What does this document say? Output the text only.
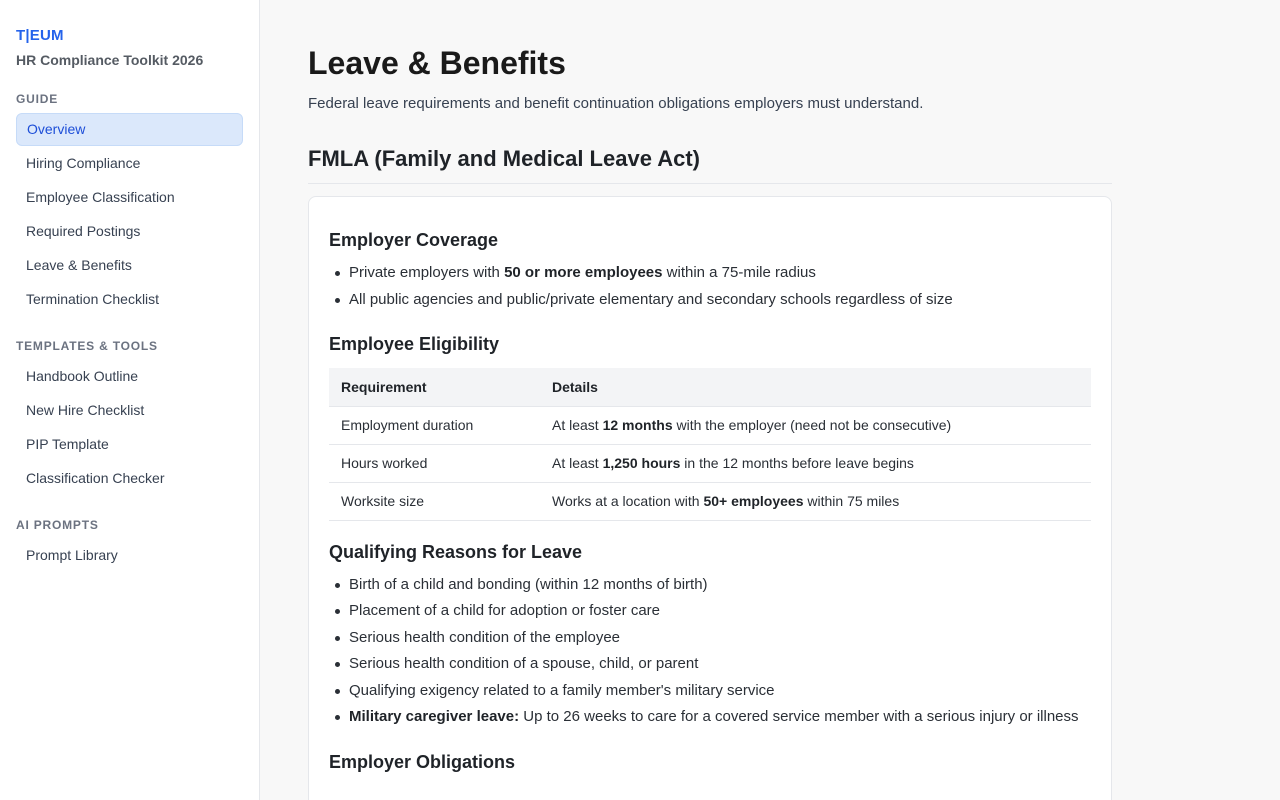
T|EUM
HR Compliance Toolkit 2026
GUIDE
Overview
Hiring Compliance
Employee Classification
Required Postings
Leave & Benefits
Termination Checklist
TEMPLATES & TOOLS
Handbook Outline
New Hire Checklist
PIP Template
Classification Checker
AI PROMPTS
Prompt Library
Leave & Benefits

Federal leave requirements and benefit continuation obligations employers must understand.

FMLA (Family and Medical Leave Act)
Employer Coverage
Private employers with 50 or more employees within a 75-mile radius
All public agencies and public/private elementary and secondary schools regardless of size
Employee Eligibility
Requirement	Details
Employment duration	At least 12 months with the employer (need not be consecutive)
Hours worked	At least 1,250 hours in the 12 months before leave begins
Worksite size	Works at a location with 50+ employees within 75 miles
Qualifying Reasons for Leave
Birth of a child and bonding (within 12 months of birth)
Placement of a child for adoption or foster care
Serious health condition of the employee
Serious health condition of a spouse, child, or parent
Qualifying exigency related to a family member's military service
Military caregiver leave: Up to 26 weeks to care for a covered service member with a serious injury or illness
Employer Obligations
